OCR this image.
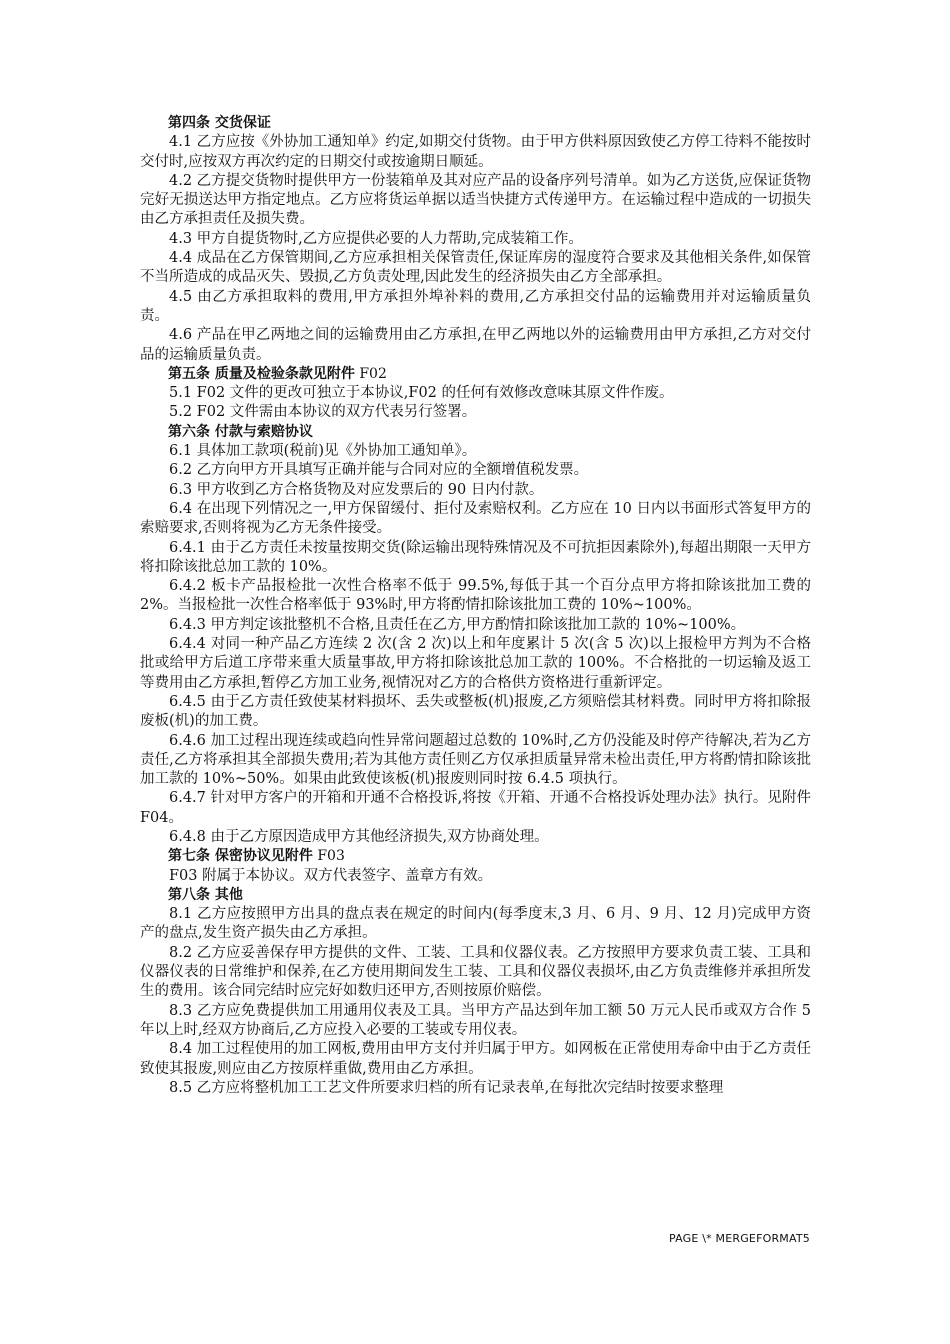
第四条 交货保证

4.1 乙方应按《外协加工通知单》约定,如期交付货物。由于甲方供料原因致使乙方停工待料不能按时交付时,应按双方再次约定的日期交付或按逾期日顺延。

4.2 乙方提交货物时提供甲方一份装箱单及其对应产品的设备序列号清单。如为乙方送货,应保证货物完好无损送达甲方指定地点。乙方应将货运单据以适当快捷方式传递甲方。在运输过程中造成的一切损失由乙方承担责任及损失费。

4.3 甲方自提货物时,乙方应提供必要的人力帮助,完成装箱工作。

4.4 成品在乙方保管期间,乙方应承担相关保管责任,保证库房的湿度符合要求及其他相关条件,如保管不当所造成的成品灭失、毁损,乙方负责处理,因此发生的经济损失由乙方全部承担。

4.5 由乙方承担取料的费用,甲方承担外埠补料的费用,乙方承担交付品的运输费用并对运输质量负责。

4.6 产品在甲乙两地之间的运输费用由乙方承担,在甲乙两地以外的运输费用由甲方承担,乙方对交付品的运输质量负责。

第五条 质量及检验条款见附件 F02

5.1 F02 文件的更改可独立于本协议,F02 的任何有效修改意味其原文件作废。

5.2 F02 文件需由本协议的双方代表另行签署。

第六条 付款与索赔协议

6.1 具体加工款项(税前)见《外协加工通知单》。

6.2 乙方向甲方开具填写正确并能与合同对应的全额增值税发票。

6.3 甲方收到乙方合格货物及对应发票后的 90 日内付款。

6.4 在出现下列情况之一,甲方保留缓付、拒付及索赔权利。乙方应在 10 日内以书面形式答复甲方的索赔要求,否则将视为乙方无条件接受。

6.4.1 由于乙方责任未按量按期交货(除运输出现特殊情况及不可抗拒因素除外),每超出期限一天甲方将扣除该批总加工款的 10%。

6.4.2 板卡产品报检批一次性合格率不低于 99.5%,每低于其一个百分点甲方将扣除该批加工费的 2%。当报检批一次性合格率低于 93%时,甲方将酌情扣除该批加工费的 10%~100%。

6.4.3 甲方判定该批整机不合格,且责任在乙方,甲方酌情扣除该批加工款的 10%~100%。

6.4.4 对同一种产品乙方连续 2 次(含 2 次)以上和年度累计 5 次(含 5 次)以上报检甲方判为不合格批或给甲方后道工序带来重大质量事故,甲方将扣除该批总加工款的 100%。不合格批的一切运输及返工等费用由乙方承担,暂停乙方加工业务,视情况对乙方的合格供方资格进行重新评定。

6.4.5 由于乙方责任致使某材料损坏、丢失或整板(机)报废,乙方须赔偿其材料费。同时甲方将扣除报废板(机)的加工费。

6.4.6 加工过程出现连续或趋向性异常问题超过总数的 10%时,乙方仍没能及时停产待解决,若为乙方责任,乙方将承担其全部损失费用;若为其他方责任则乙方仅承担质量异常未检出责任,甲方将酌情扣除该批加工款的 10%~50%。如果由此致使该板(机)报废则同时按 6.4.5 项执行。

6.4.7 针对甲方客户的开箱和开通不合格投诉,将按《开箱、开通不合格投诉处理办法》执行。见附件 F04。

6.4.8 由于乙方原因造成甲方其他经济损失,双方协商处理。

第七条 保密协议见附件 F03

F03 附属于本协议。双方代表签字、盖章方有效。

第八条 其他

8.1 乙方应按照甲方出具的盘点表在规定的时间内(每季度末,3 月、6 月、9 月、12 月)完成甲方资产的盘点,发生资产损失由乙方承担。

8.2 乙方应妥善保存甲方提供的文件、工装、工具和仪器仪表。乙方按照甲方要求负责工装、工具和仪器仪表的日常维护和保养,在乙方使用期间发生工装、工具和仪器仪表损坏,由乙方负责维修并承担所发生的费用。该合同完结时应完好如数归还甲方,否则按原价赔偿。

8.3 乙方应免费提供加工用通用仪表及工具。当甲方产品达到年加工额 50 万元人民币或双方合作 5 年以上时,经双方协商后,乙方应投入必要的工装或专用仪表。

8.4 加工过程使用的加工网板,费用由甲方支付并归属于甲方。如网板在正常使用寿命中由于乙方责任致使其报废,则应由乙方按原样重做,费用由乙方承担。

8.5 乙方应将整机加工工艺文件所要求归档的所有记录表单,在每批次完结时按要求整理

PAGE \* MERGEFORMAT5
